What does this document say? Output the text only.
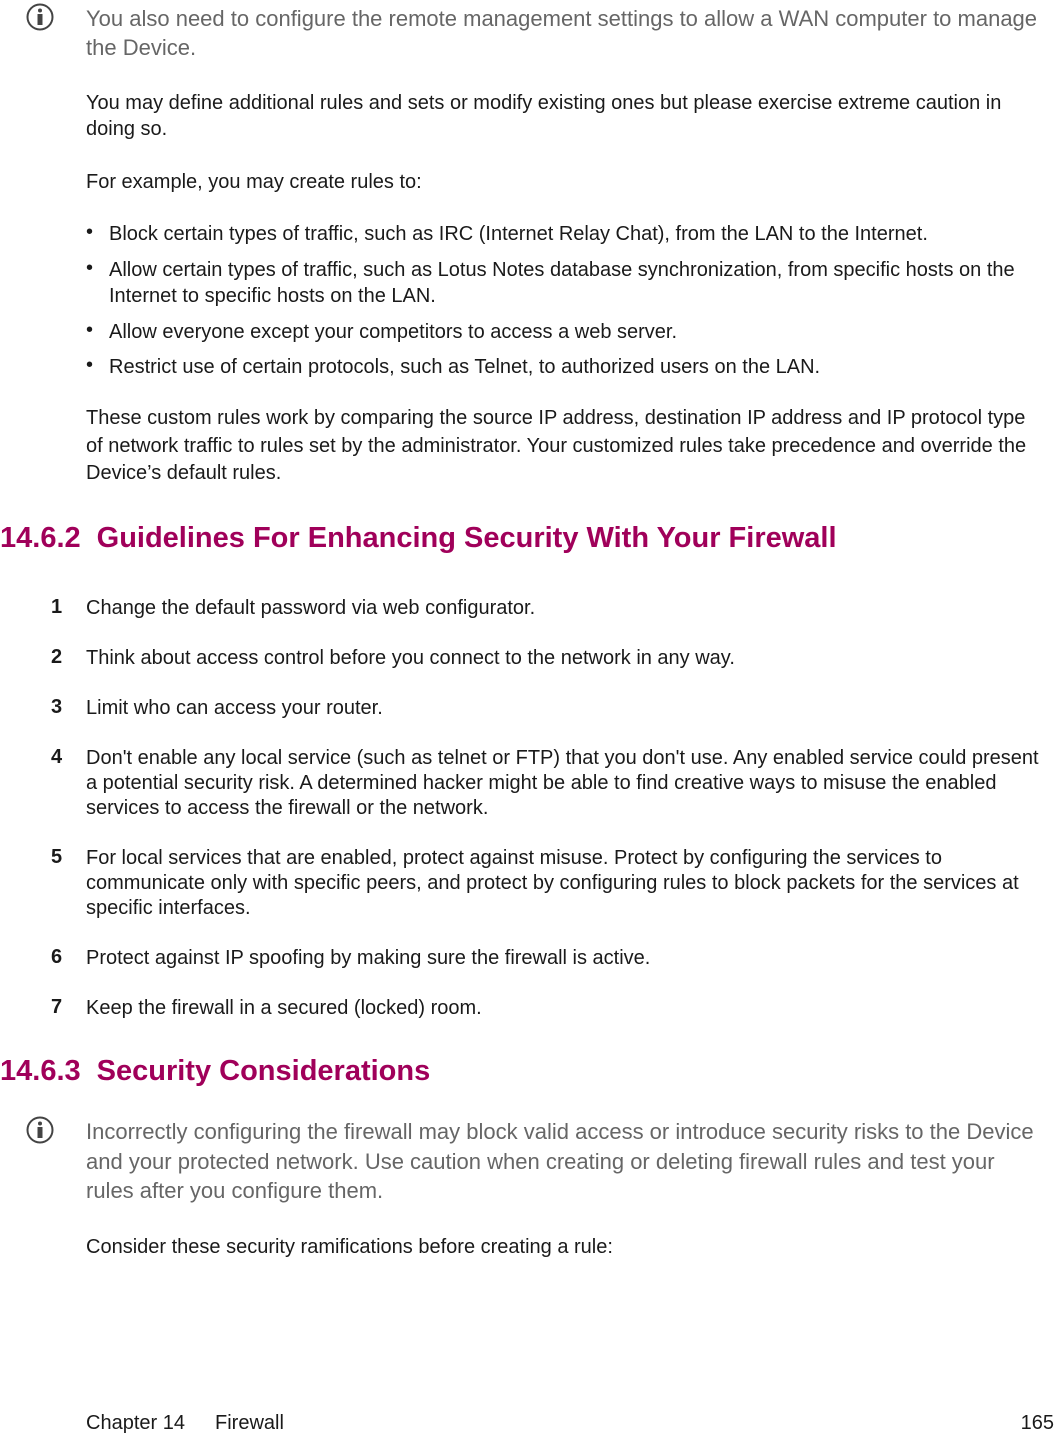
You also need to configure the remote management settings to allow a WAN computer to manage the Device.
You may define additional rules and sets or modify existing ones but please exercise extreme caution in doing so.
For example, you may create rules to:
• Block certain types of traffic, such as IRC (Internet Relay Chat), from the LAN to the Internet.
• Allow certain types of traffic, such as Lotus Notes database synchronization, from specific hosts on the Internet to specific hosts on the LAN.
• Allow everyone except your competitors to access a web server.
• Restrict use of certain protocols, such as Telnet, to authorized users on the LAN.
These custom rules work by comparing the source IP address, destination IP address and IP protocol type of network traffic to rules set by the administrator. Your customized rules take precedence and override the Device’s default rules.
14.6.2 Guidelines For Enhancing Security With Your Firewall
1 Change the default password via web configurator.
2 Think about access control before you connect to the network in any way.
3 Limit who can access your router.
4 Don't enable any local service (such as telnet or FTP) that you don't use. Any enabled service could present a potential security risk. A determined hacker might be able to find creative ways to misuse the enabled services to access the firewall or the network.
5 For local services that are enabled, protect against misuse. Protect by configuring the services to communicate only with specific peers, and protect by configuring rules to block packets for the services at specific interfaces.
6 Protect against IP spoofing by making sure the firewall is active.
7 Keep the firewall in a secured (locked) room.
14.6.3 Security Considerations
Incorrectly configuring the firewall may block valid access or introduce security risks to the Device and your protected network. Use caution when creating or deleting firewall rules and test your rules after you configure them.
Consider these security ramifications before creating a rule:
Chapter 14 Firewall	165
